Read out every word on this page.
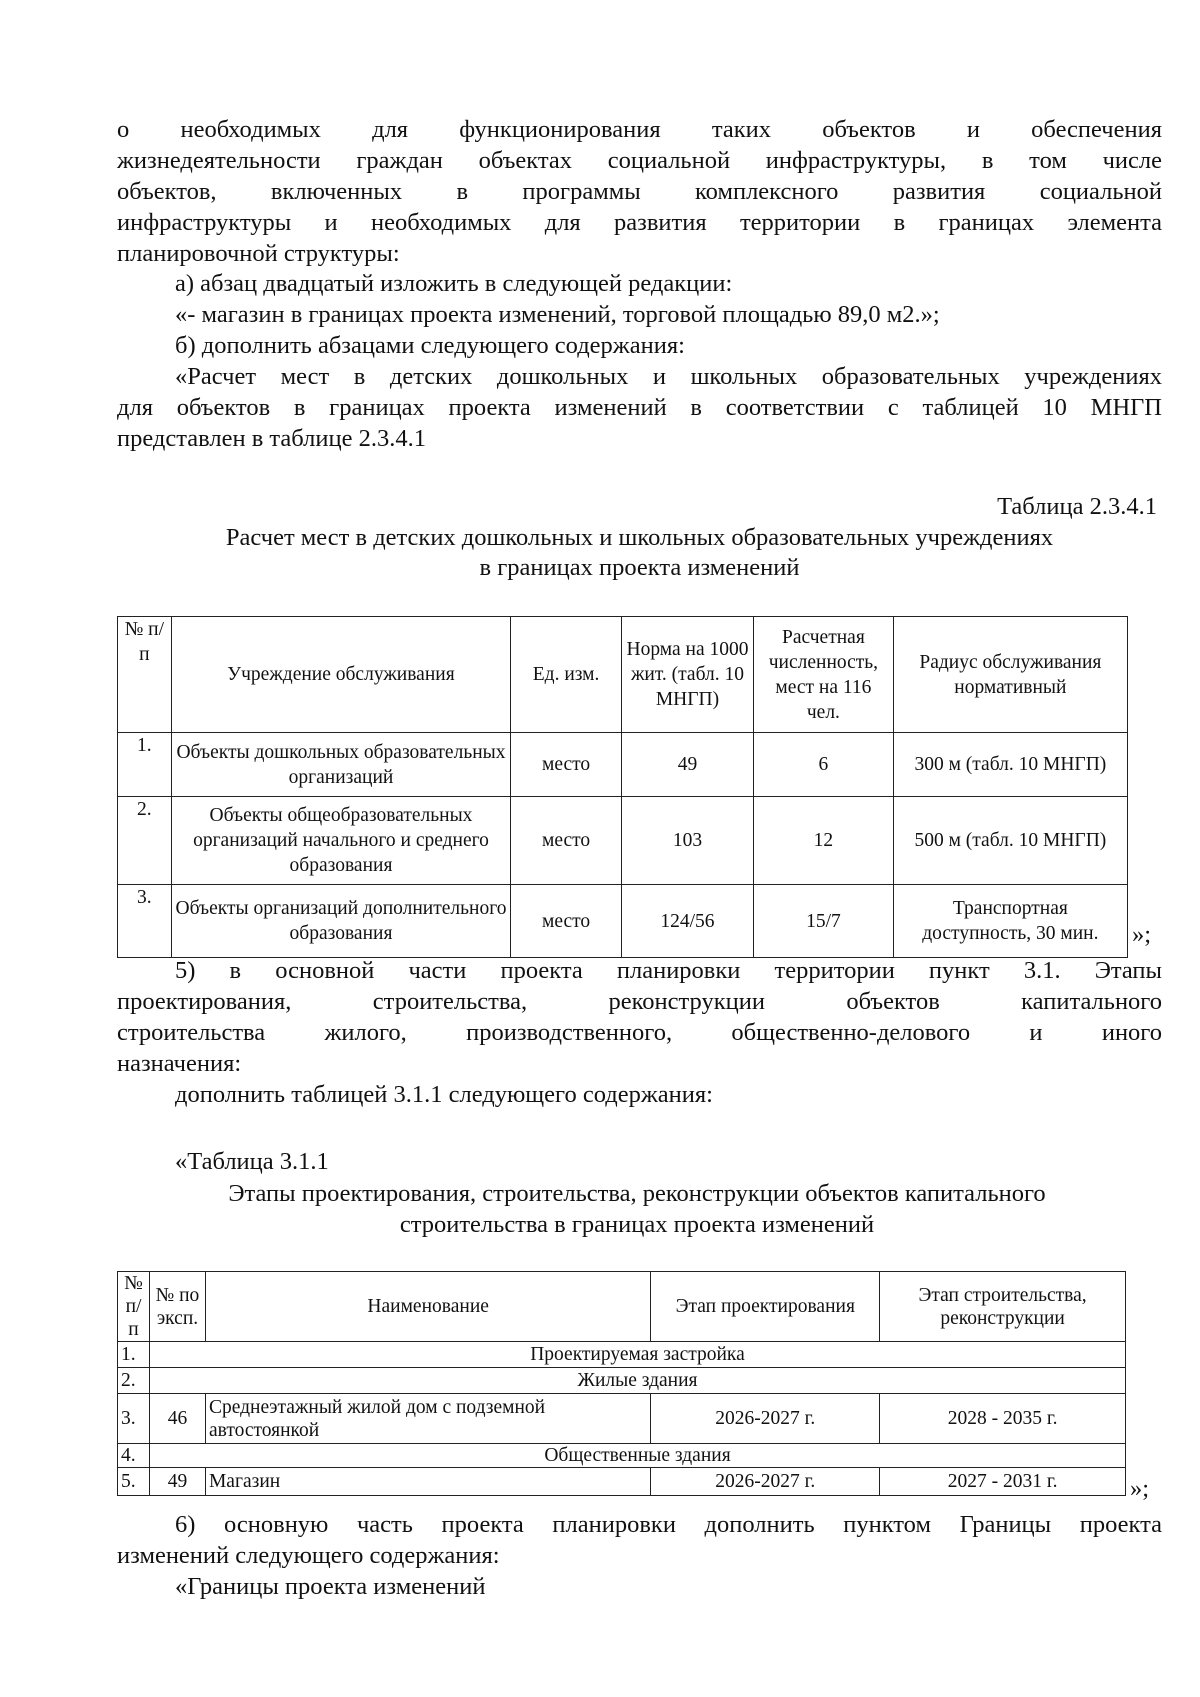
о необходимых для функционирования таких объектов и обеспечения

жизнедеятельности граждан объектах социальной инфраструктуры, в том числе

объектов, включенных в программы комплексного развития социальной

инфраструктуры и необходимых для развития территории в границах элемента

планировочной структуры:

а) абзац двадцатый изложить в следующей редакции:

«- магазин в границах проекта изменений, торговой площадью 89,0 м2.»;

б) дополнить абзацами следующего содержания:

«Расчет мест в детских дошкольных и школьных образовательных учреждениях

для объектов в границах проекта изменений в соответствии с таблицей 10 МНГП

представлен в таблице 2.3.4.1

Таблица 2.3.4.1

Расчет мест в детских дошкольных и школьных образовательных учреждениях

в границах проекта изменений

№ п/п	Учреждение обслуживания	Ед. изм.	Норма на 1000 жит. (табл. 10 МНГП)	Расчетная численность, мест на 116 чел.	Радиус обслуживания нормативный
1.	Объекты дошкольных образовательных организаций	место	49	6	300 м (табл. 10 МНГП)
2.	Объекты общеобразовательных организаций начального и среднего образования	место	103	12	500 м (табл. 10 МНГП)
3.	Объекты организаций дополнительного образования	место	124/56	15/7	Транспортная доступность, 30 мин. »;

5) в основной части проекта планировки территории пункт 3.1. Этапы

проектирования, строительства, реконструкции объектов капитального

строительства жилого, производственного, общественно-делового и иного

назначения:

дополнить таблицей 3.1.1 следующего содержания:

«Таблица 3.1.1

Этапы проектирования, строительства, реконструкции объектов капитального

строительства в границах проекта изменений

№ п/п	№ по эксп.	Наименование	Этап проектирования	Этап строительства, реконструкции
1.	Проектируемая застройка			
2.	Жилые здания			
3.	46	Среднеэтажный жилой дом с подземной автостоянкой	2026-2027 г.	2028 - 2035 г.
4.	Общественные здания			
5.	49	Магазин	2026-2027 г.	2027 - 2031 г.	»;

6) основную часть проекта планировки дополнить пунктом Границы проекта

изменений следующего содержания:

«Границы проекта изменений
